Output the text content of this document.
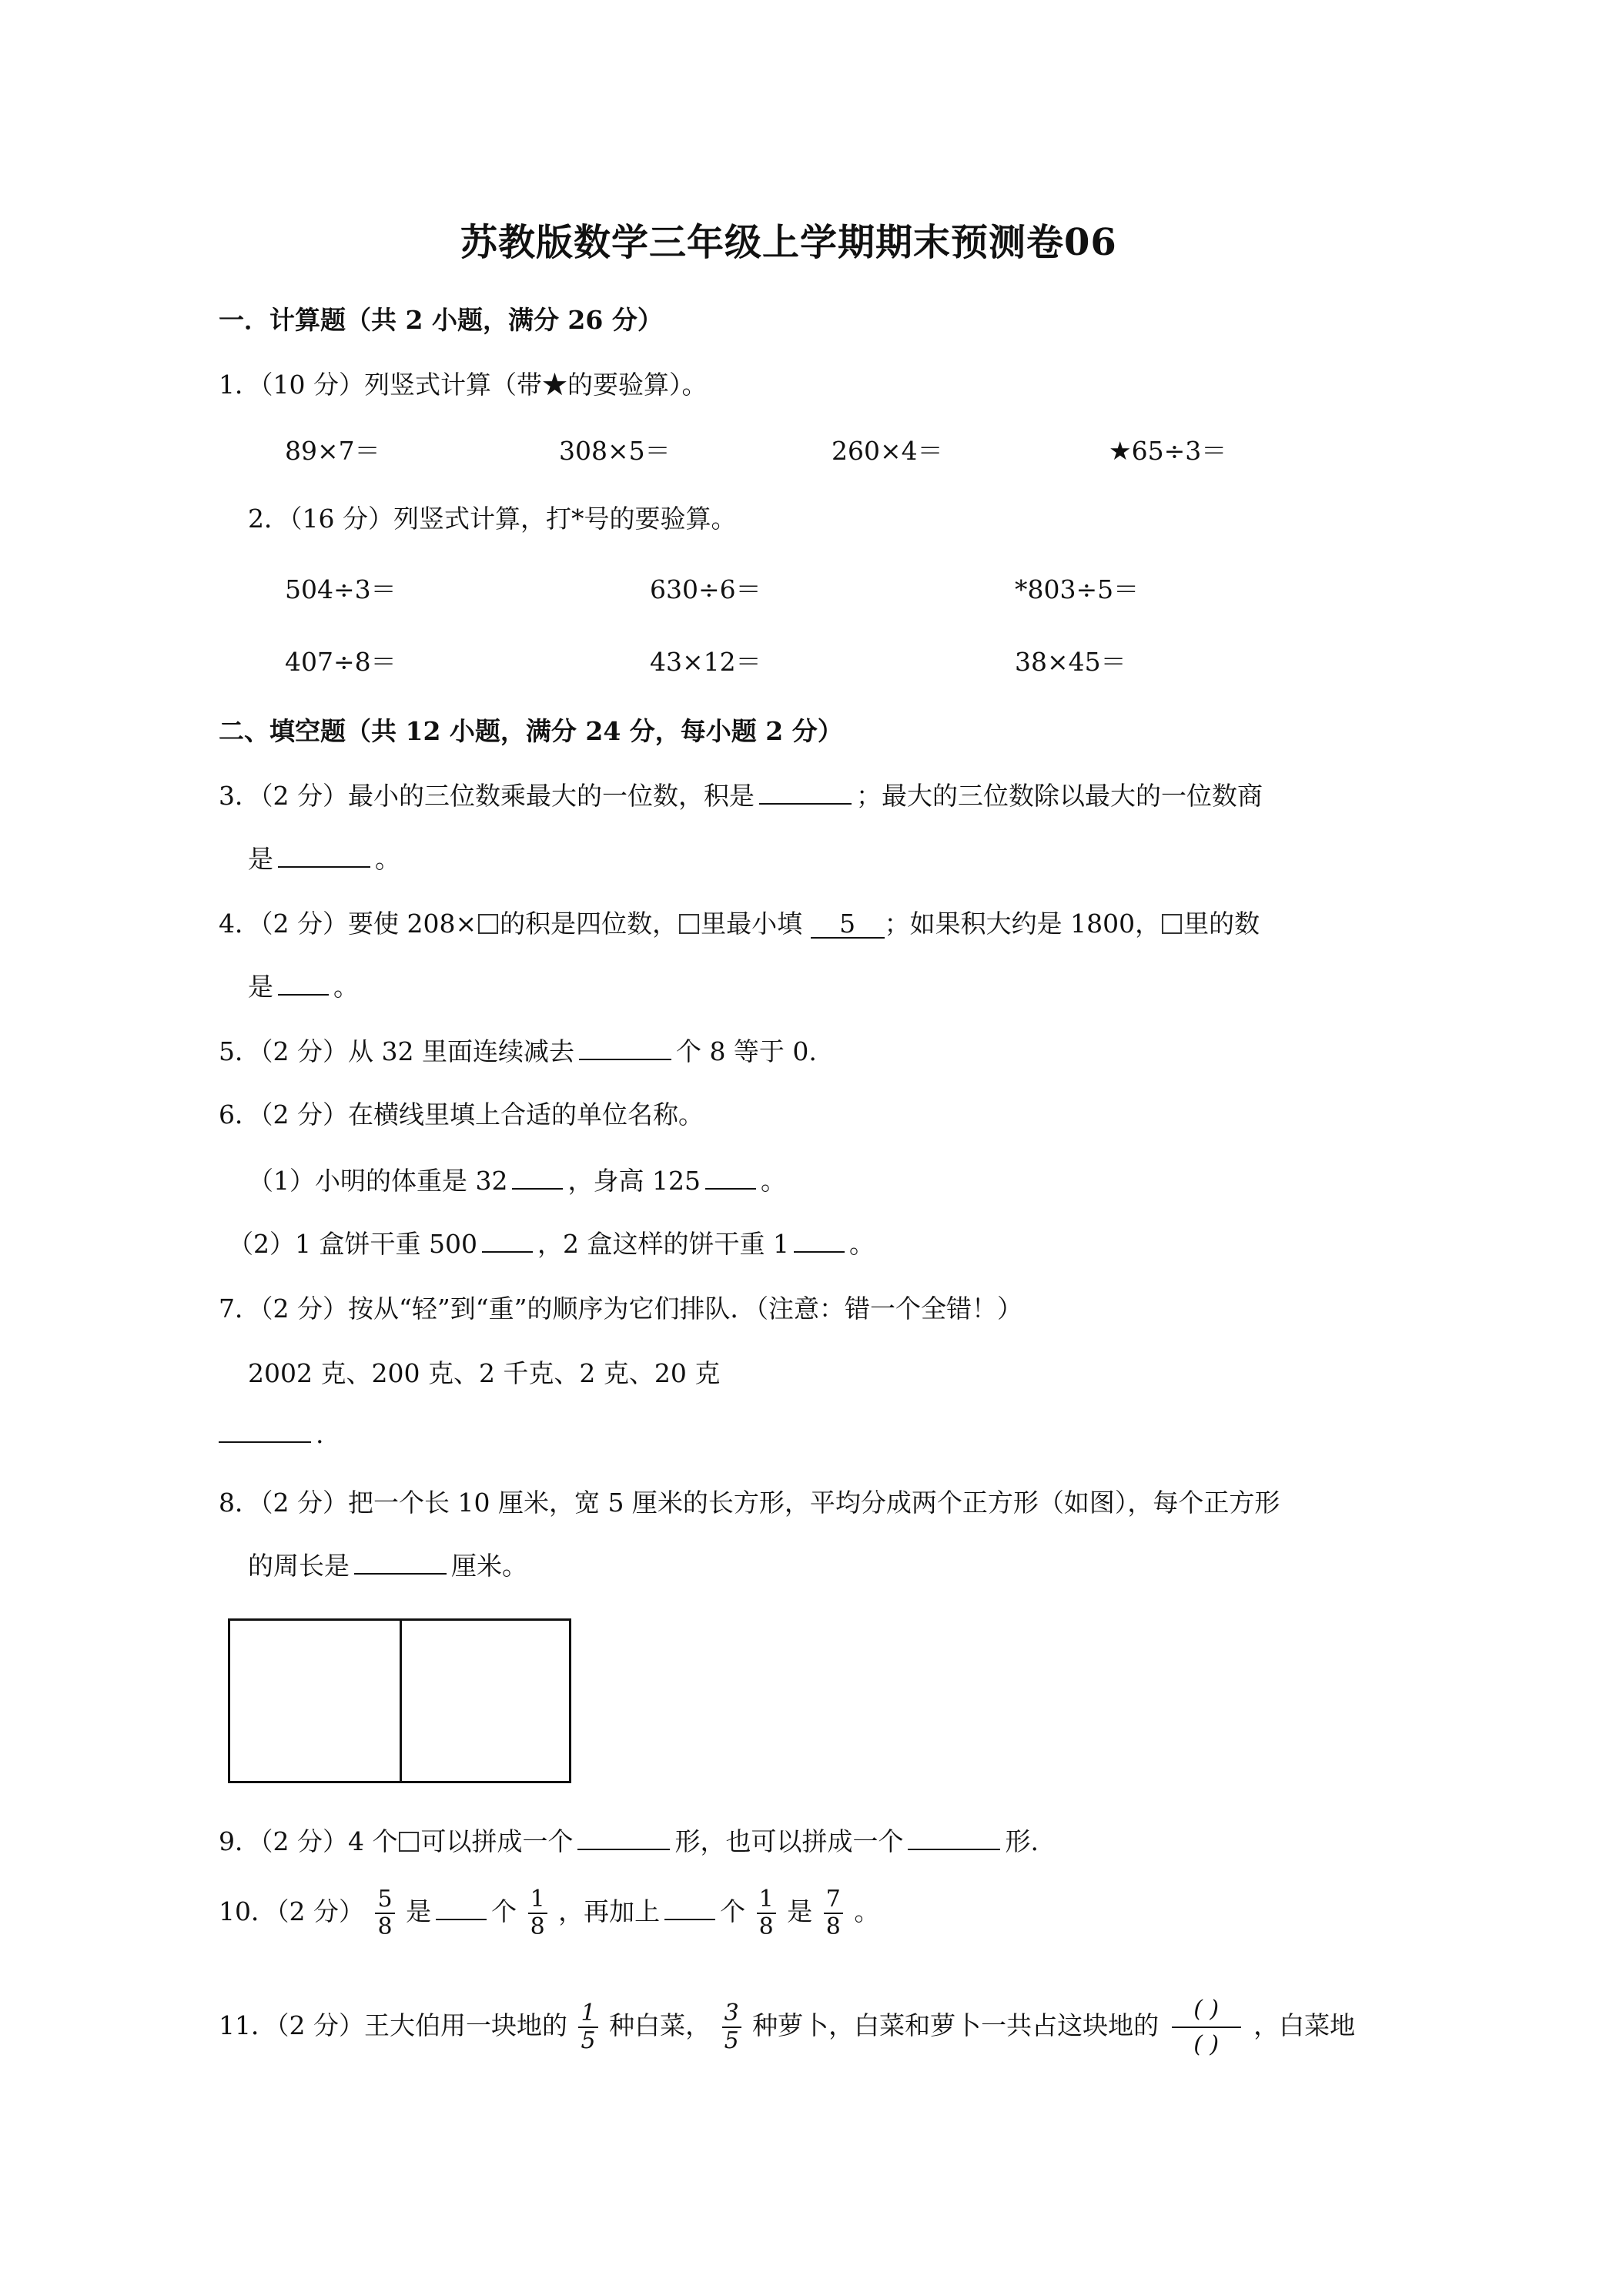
苏教版数学三年级上学期期末预测卷06
一．计算题（共 2 小题，满分 26 分）
1．（10 分）列竖式计算（带★的要验算）。
89×7＝	308×5＝	260×4＝	★65÷3＝
2．（16 分）列竖式计算，打*号的要验算。
504÷3＝	630÷6＝	*803÷5＝
407÷8＝	43×12＝	38×45＝
二、填空题（共 12 小题，满分 24 分，每小题 2 分）
3．（2 分）最小的三位数乘最大的一位数，积是	；最大的三位数除以最大的一位数商
是	。
4．（2 分）要使 208× 的积是四位数， 里最小填 5 ；如果积大约是 1800， 里的数
是 。
5．（2 分）从 32 里面连续减去	个 8 等于 0.
6．（2 分）在横线里填上合适的单位名称。
（1）小明的体重是 32 ，身高 125 。
（2）1 盒饼干重 500 ，2 盒这样的饼干重 1 。
7．（2 分）按从“轻”到“重”的顺序为它们排队．（注意：错一个全错！）
2002 克、200 克、2 千克、2 克、20 克
.
8．（2 分）把一个长 10 厘米，宽 5 厘米的长方形，平均分成两个正方形（如图），每个正方形
的周长是	厘米。
9．（2 分）4 个 可以拼成一个	形，也可以拼成一个	形.
10．（2 分） $\frac{5}{8}$ 是 个 $\frac{1}{8}$ ，再加上 个 $\frac{1}{8}$ 是 $\frac{7}{8}$ 。
11．（2 分）王大伯用一块地的 $\frac{1}{5}$ 种白菜， $\frac{3}{5}$ 种萝卜，白菜和萝卜一共占这块地的 $\frac{( )}{( )}$ ，白菜地
